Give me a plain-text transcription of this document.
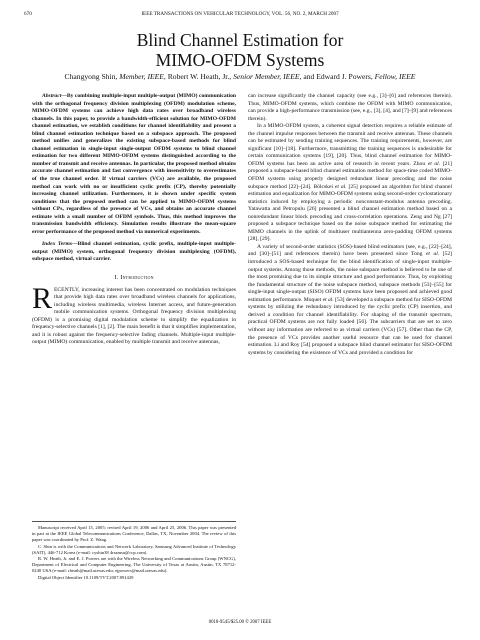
670	IEEE TRANSACTIONS ON VEHICULAR TECHNOLOGY, VOL. 56, NO. 2, MARCH 2007
Blind Channel Estimation for
MIMO-OFDM Systems
Changyong Shin, Member, IEEE, Robert W. Heath, Jr., Senior Member, IEEE, and Edward J. Powers, Fellow, IEEE

Abstract—By combining multiple-input multiple-output (MIMO) communication with the orthogonal frequency division multiplexing (OFDM) modulation scheme, MIMO-OFDM systems can achieve high data rates over broadband wireless channels. In this paper, to provide a bandwidth-efficient solution for MIMO-OFDM channel estimation, we establish conditions for channel identifiability and present a blind channel estimation technique based on a subspace approach. The proposed method unifies and generalizes the existing subspace-based methods for blind channel estimation in single-input single-output OFDM systems to blind channel estimation for two different MIMO-OFDM systems distinguished according to the number of transmit and receive antennas. In particular, the proposed method obtains accurate channel estimation and fast convergence with insensitivity to overestimates of the true channel order. If virtual carriers (VCs) are available, the proposed method can work with no or insufficient cyclic prefix (CP), thereby potentially increasing channel utilization. Furthermore, it is shown under specific system conditions that the proposed method can be applied to MIMO-OFDM systems without CPs, regardless of the presence of VCs, and obtains an accurate channel estimate with a small number of OFDM symbols. Thus, this method improves the transmission bandwidth efficiency. Simulation results illustrate the mean-square error performance of the proposed method via numerical experiments.

Index Terms—Blind channel estimation, cyclic prefix, multiple-input multiple-output (MIMO) system, orthogonal frequency division multiplexing (OFDM), subspace method, virtual carrier.

I. Introduction

RECENTLY, increasing interest has been concentrated on modulation techniques that provide high data rates over broadband wireless channels for applications, including wireless multimedia, wireless Internet access, and future-generation mobile communication systems. Orthogonal frequency division multiplexing (OFDM) is a promising digital modulation scheme to simplify the equalization in frequency-selective channels [1], [2]. The main benefit is that it simplifies implementation, and it is robust against the frequency-selective fading channels. Multiple-input multiple-output (MIMO) communication, enabled by multiple transmit and receive antennas,

Manuscript received April 15, 2005; revised April 19, 2006 and April 25, 2006. This paper was presented in part at the IEEE Global Telecommunications Conference, Dallas, TX, November 2004. The review of this paper was coordinated by Prof. Z. Wang.

C. Shin is with the Communications and Network Laboratory, Samsung Advanced Institute of Technology (SAIT), 446-712 Korea (e-mail: cyshin38 4rsamsu@ccp.com).

R. W. Heath, Jr. and E. J. Powers are with the Wireless Networking and Communications Group (WNCG), Department of Electrical and Computer Engineering, The University of Texas at Austin, Austin, TX 78712-0240 USA (e-mail: rheath@mail.utexas.edu; ejpowers@mail.utexas.edu).

Digital Object Identifier 10.1109/TVT.2007.891429

can increase significantly the channel capacity (see e.g., [3]–[6] and references therein). Thus, MIMO-OFDM systems, which combine the OFDM with MIMO communication, can provide a high-performance transmission (see, e.g., [3], [4], and [7]–[9] and references therein).

In a MIMO-OFDM system, a coherent signal detection requires a reliable estimate of the channel impulse responses between the transmit and receive antennas. These channels can be estimated by sending training sequences. The training requirements, however, are significant [10]–[18]. Furthermore, transmitting the training sequences is undesirable for certain communication systems [19], [20]. Thus, blind channel estimation for MIMO-OFDM systems has been an active area of research in recent years. Zhou et al. [21] proposed a subspace-based blind channel estimation method for space-time coded MIMO-OFDM systems using properly designed redundant linear precoding and the noise subspace method [22]–[24]. Bölcskei et al. [25] proposed an algorithm for blind channel estimation and equalization for MIMO-OFDM systems using second-order cyclostationary statistics induced by employing a periodic nonconstant-modulus antenna precoding. Yatawatta and Petropulu [26] presented a blind channel estimation method based on a nonredundant linear block precoding and cross-correlation operations. Zeng and Ng [27] proposed a subspace technique based on the noise subspace method for estimating the MIMO channels in the uplink of multiuser multiantenna zero-padding OFDM systems [28], [29].

A variety of second-order statistics (SOS)-based blind estimators (see, e.g., [22]–[24], and [30]–[51] and references therein) have been presented since Tong et al. [52] introduced a SOS-based technique for the blind identification of single-input multiple-output systems. Among those methods, the noise subspace method is believed to be one of the most promising due to its simple structure and good performance. Thus, by exploiting the fundamental structure of the noise subspace method, subspace methods [53]–[55] for single-input single-output (SISO) OFDM systems have been proposed and achieved good estimation performance. Muquet et al. [53] developed a subspace method for SISO-OFDM systems by utilizing the redundancy introduced by the cyclic prefix (CP) insertion, and derived a condition for channel identifiability. For shaping of the transmit spectrum, practical OFDM systems are not fully loaded [56]. The subcarriers that are set to zero without any information are referred to as virtual carriers (VCs) [57]. Other than the CP, the presence of VCs provides another useful resource that can be used for channel estimation. Li and Roy [54] proposed a subspace blind channel estimator for SISO-OFDM systems by considering the existence of VCs and provided a condition for

0018-9545/$25.00 © 2007 IEEE
